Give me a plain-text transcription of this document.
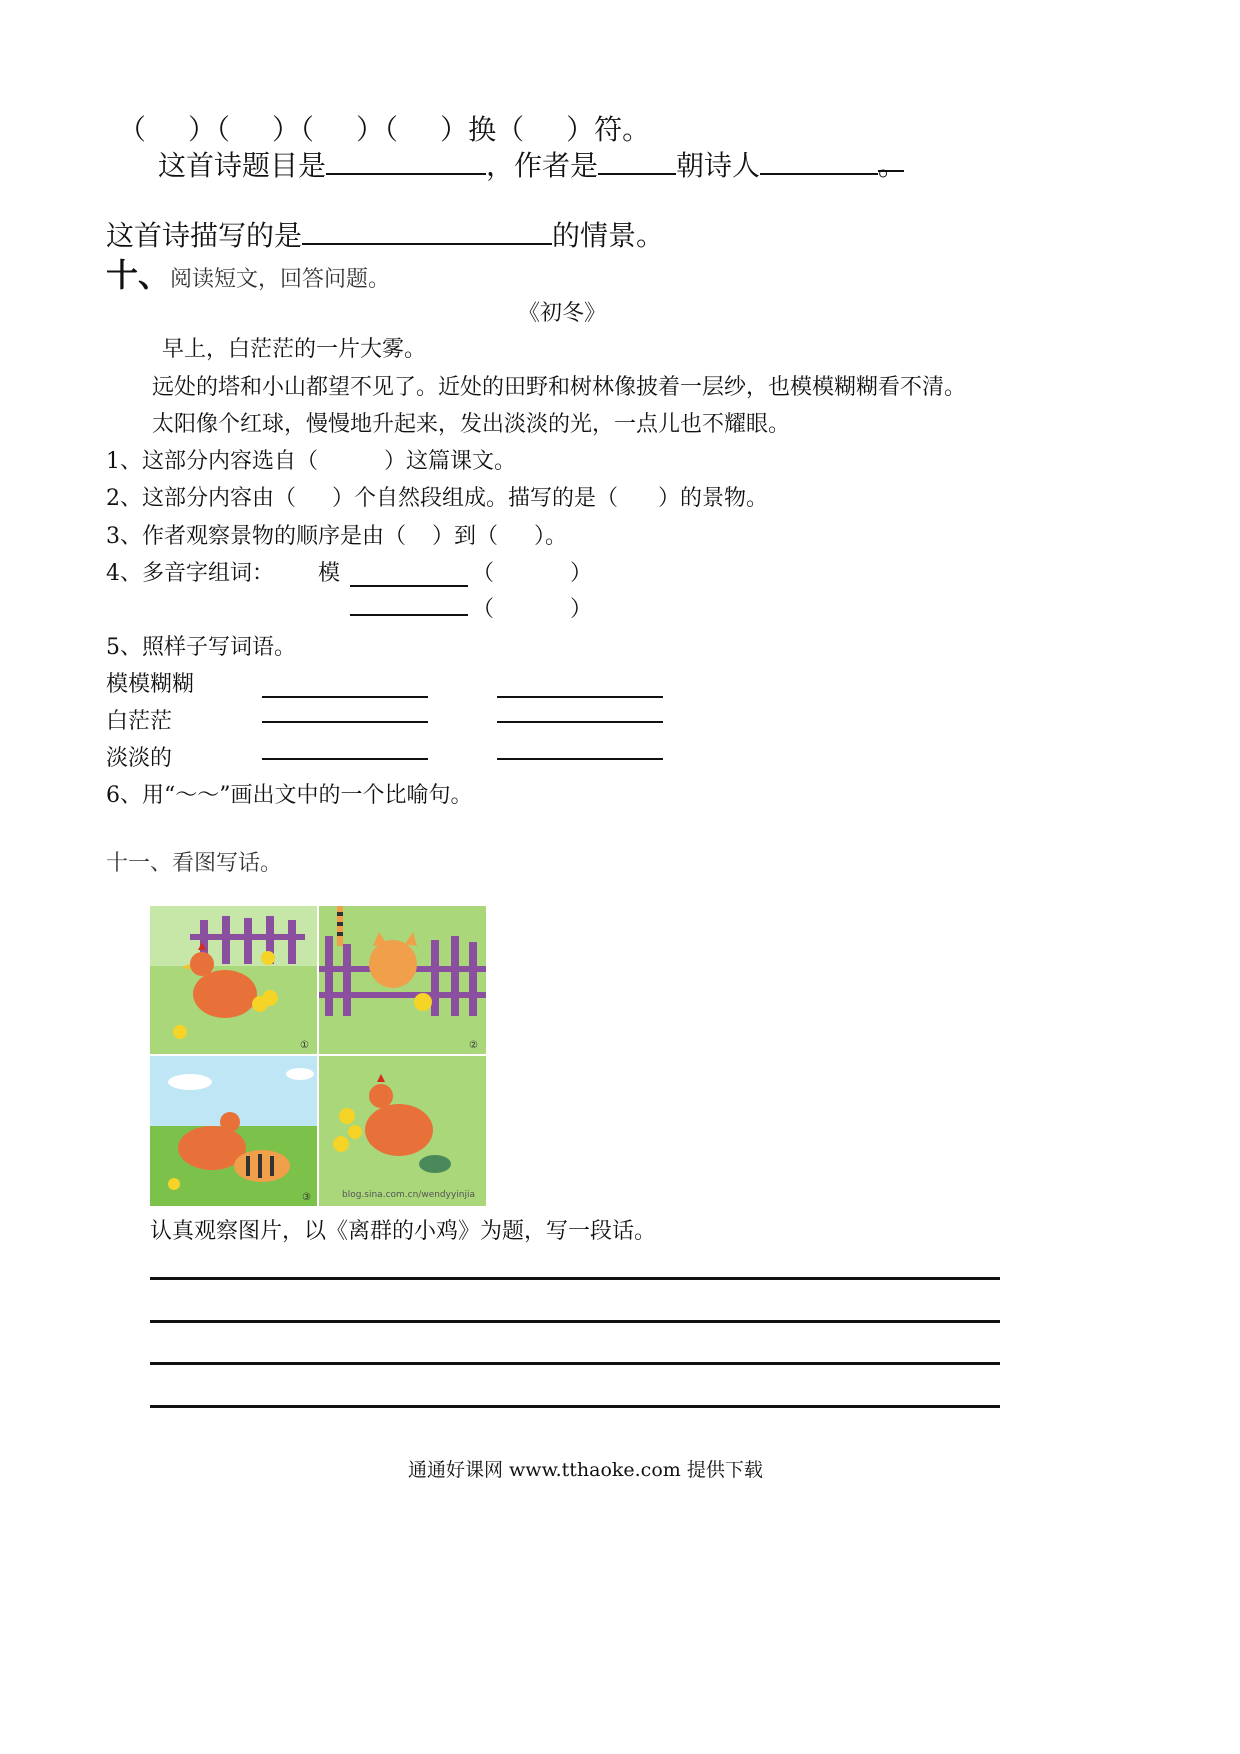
（ ）（ ）（ ）（ ）换（ ）符。
这首诗题目是	，作者是	朝诗人	。
这首诗描写的是	的情景。
十、阅读短文，回答问题。
《初冬》
早上，白茫茫的一片大雾。
远处的塔和小山都望不见了。近处的田野和树林像披着一层纱，也模模糊糊看不清。
太阳像个红球，慢慢地升起来，发出淡淡的光，一点儿也不耀眼。
1、这部分内容选自（	）这篇课文。
2、这部分内容由（ ）个自然段组成。描写的是（ ）的景物。
3、作者观察景物的顺序是由（ ）到（ ）。
4、多音字组词： 模	（	）
（	）
5、照样子写词语。
模模糊糊
白茫茫
淡淡的
6、用“～～”画出文中的一个比喻句。
十一、看图写话。
①	②
③	blog.sina.com.cn/wendyyinjia
认真观察图片，以《离群的小鸡》为题，写一段话。
通通好课网 www.tthaoke.com 提供下载
